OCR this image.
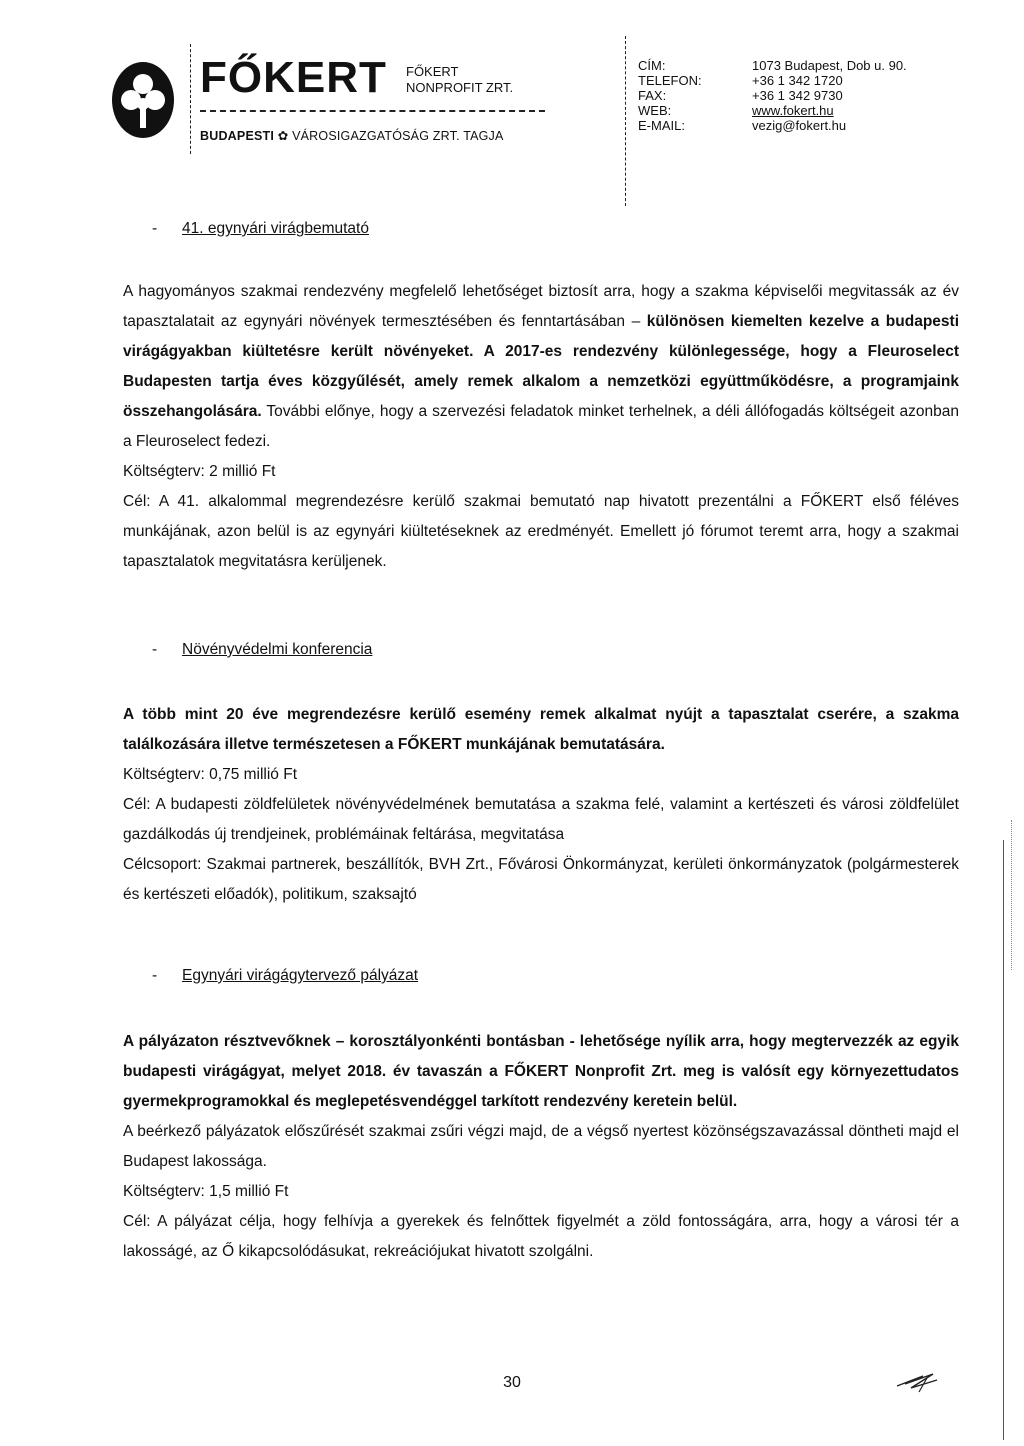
FŐKERT FŐKERT
NONPROFIT ZRT.
BUDAPESTI ✿ VÁROSIGAZGATÓSÁG ZRT. TAGJA
CÍM:	1073 Budapest, Dob u. 90.
TELEFON:	+36 1 342 1720
FAX:	+36 1 342 9730
WEB:	www.fokert.hu
E-MAIL:	vezig@fokert.hu
- 41. egynyári virágbemutató

A hagyományos szakmai rendezvény megfelelő lehetőséget biztosít arra, hogy a szakma képviselői megvitassák az év tapasztalatait az egynyári növények termesztésében és fenntartásában – különösen kiemelten kezelve a budapesti virágágyakban kiültetésre került növényeket. A 2017-es rendezvény különlegessége, hogy a Fleuroselect Budapesten tartja éves közgyűlését, amely remek alkalom a nemzetközi együttműködésre, a programjaink összehangolására. További előnye, hogy a szervezési feladatok minket terhelnek, a déli állófogadás költségeit azonban a Fleuroselect fedezi.

Költségterv: 2 millió Ft

Cél: A 41. alkalommal megrendezésre kerülő szakmai bemutató nap hivatott prezentálni a FŐKERT első féléves munkájának, azon belül is az egynyári kiültetéseknek az eredményét. Emellett jó fórumot teremt arra, hogy a szakmai tapasztalatok megvitatásra kerüljenek.

- Növényvédelmi konferencia

A több mint 20 éve megrendezésre kerülő esemény remek alkalmat nyújt a tapasztalat cserére, a szakma találkozására illetve természetesen a FŐKERT munkájának bemutatására.

Költségterv: 0,75 millió Ft

Cél: A budapesti zöldfelületek növényvédelmének bemutatása a szakma felé, valamint a kertészeti és városi zöldfelület gazdálkodás új trendjeinek, problémáinak feltárása, megvitatása

Célcsoport: Szakmai partnerek, beszállítók, BVH Zrt., Fővárosi Önkormányzat, kerületi önkormányzatok (polgármesterek és kertészeti előadók), politikum, szaksajtó

- Egynyári virágágytervező pályázat

A pályázaton résztvevőknek – korosztályonkénti bontásban - lehetősége nyílik arra, hogy megtervezzék az egyik budapesti virágágyat, melyet 2018. év tavaszán a FŐKERT Nonprofit Zrt. meg is valósít egy környezettudatos gyermekprogramokkal és meglepetésvendéggel tarkított rendezvény keretein belül.

A beérkező pályázatok előszűrését szakmai zsűri végzi majd, de a végső nyertest közönségszavazással döntheti majd el Budapest lakossága.

Költségterv: 1,5 millió Ft

Cél: A pályázat célja, hogy felhívja a gyerekek és felnőttek figyelmét a zöld fontosságára, arra, hogy a városi tér a lakosságé, az Ő kikapcsolódásukat, rekreációjukat hivatott szolgálni.

30
